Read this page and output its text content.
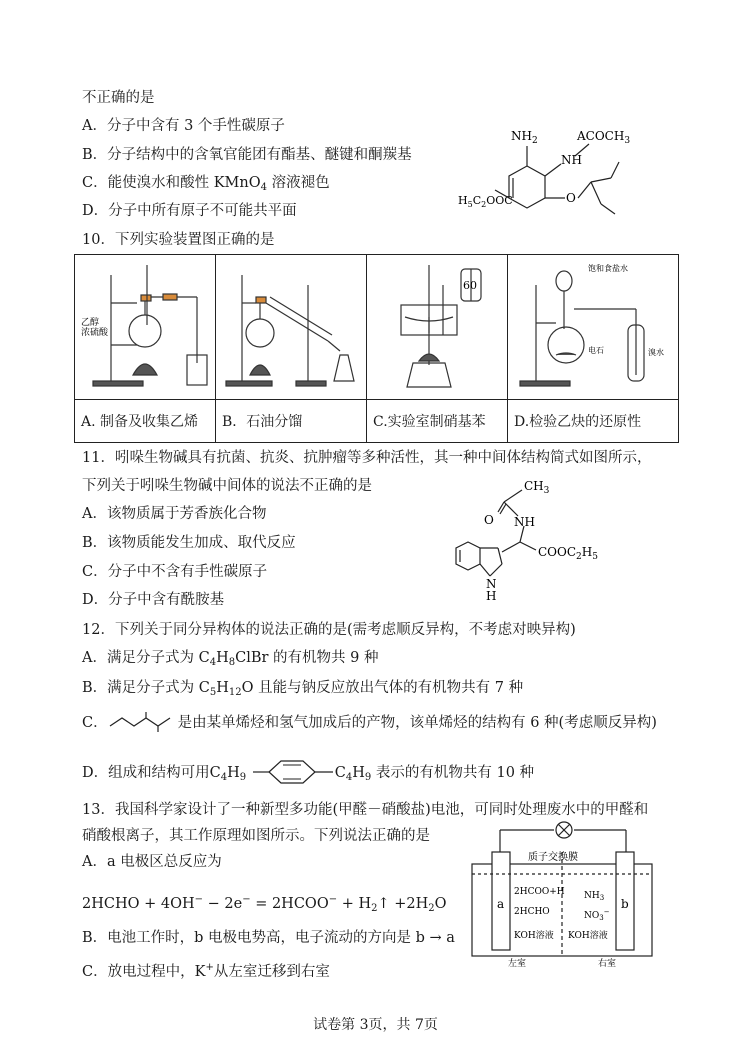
不正确的是
A．分子中含有 3 个手性碳原子
B．分子结构中的含氧官能团有酯基、醚键和酮羰基
C．能使溴水和酸性 KMnO$_4$ 溶液褪色
D．分子中所有原子不可能共平面
$NH_2$	$ACOCH_3$
NH
O
$H_5C_2OOC$
10．下列实验装置图正确的是
乙醇
浓硫酸		60	饱和食盐水
电石 溴水

A. 制备及收集乙烯	B．石油分馏	C.实验室制硝基苯	D.检验乙炔的还原性
11．吲哚生物碱具有抗菌、抗炎、抗肿瘤等多种活性，其一种中间体结构简式如图所示，
下列关于吲哚生物碱中间体的说法不正确的是
A．该物质属于芳香族化合物
B．该物质能发生加成、取代反应
C．分子中不含有手性碳原子
D．分子中含有酰胺基
$CH_3$
O NH
$COOC_2H_5$
N
H
12．下列关于同分异构体的说法正确的是(需考虑顺反异构，不考虑对映异构)
A．满足分子式为 $C_4H_8ClBr$ 的有机物共 9 种
B．满足分子式为 $C_5H_{12}O$ 且能与钠反应放出气体的有机物共有 7 种
C．	是由某单烯烃和氢气加成后的产物，该单烯烃的结构有 6 种(考虑顺反异构)
D．组成和结构可用$C_4H_9$	$C_4H_9$ 表示的有机物共有 10 种
13．我国科学家设计了一种新型多功能(甲醛－硝酸盐)电池，可同时处理废水中的甲醛和
硝酸根离子，其工作原理如图所示。下列说法正确的是
A．a 电极区总反应为
2HCHO + 4OH− − 2e− = 2HCOO− + $H_2↑ +2H_2O$
B．电池工作时，b 电极电势高，电子流动的方向是 b → a
C．放电过程中，K+从左室迁移到右室
质子交换膜
a	b
2HCOO+H
2HCHO
KOH溶液
$NH_3$
$NO_3^-$
KOH溶液
左室	右室
试卷第 3页，共 7页
